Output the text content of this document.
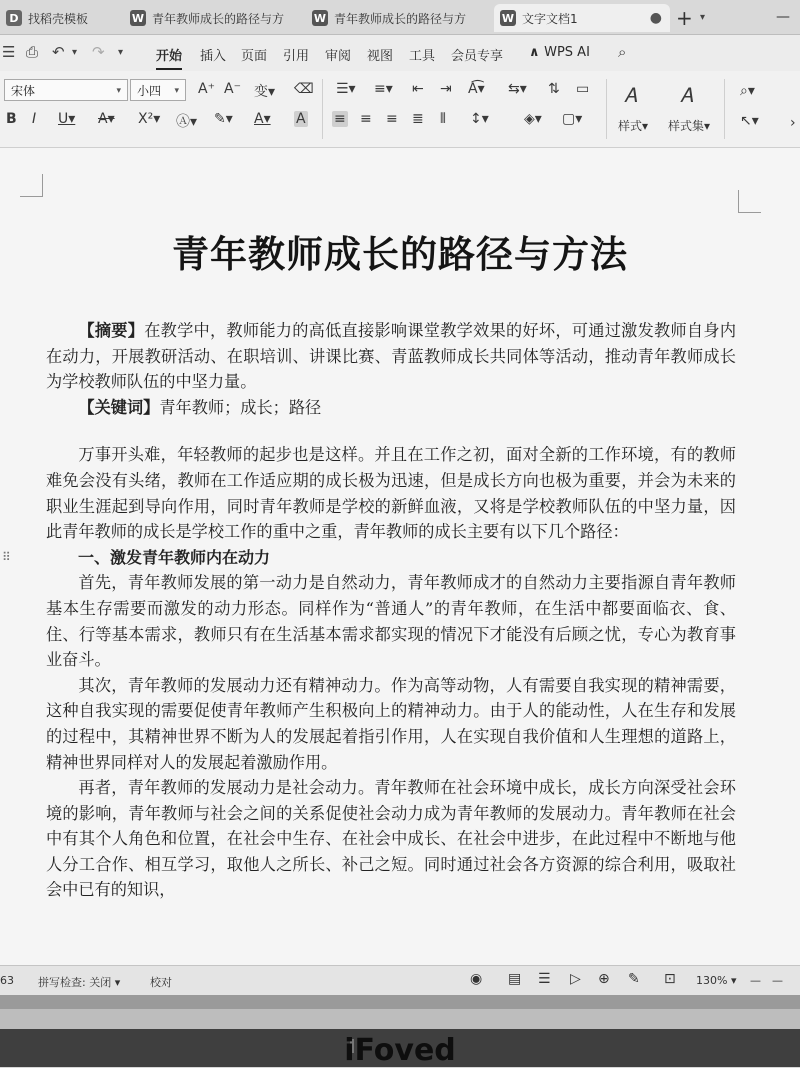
D 找稻壳模板	W 青年教师成长的路径与方	W 青年教师成长的路径与方	W 文字文档1	● + ▾	—
☰ ⎙ ↶ ▾ ↷ ▾	开始 插入 页面 引用 审阅 视图 工具 会员专享 ∧ WPS AI ⌕
宋体	▾	小四 ▾ A⁺ A⁻ 变▾ ⌫
B I U▾ A▾ X²▾ Ⓐ▾ ✎▾ A▾ A
☰▾ ≡▾ ⇤ ⇥ A͡▾ ⇆▾ ⇅ ▭
≡ ≡ ≡ ≣ ⫴ ↕▾	◈▾ ▢▾
𝐴
样式▾
𝐴
样式集▾
⌕▾
↖▾ ›
青年教师成长的路径与方法

【摘要】在教学中，教师能力的高低直接影响课堂教学效果的好坏，可通过激发教师自身内在动力，开展教研活动、在职培训、讲课比赛、青蓝教师成长共同体等活动，推动青年教师成长为学校教师队伍的中坚力量。

【关键词】青年教师；成长；路径

万事开头难，年轻教师的起步也是这样。并且在工作之初，面对全新的工作环境，有的教师难免会没有头绪，教师在工作适应期的成长极为迅速，但是成长方向也极为重要，并会为未来的职业生涯起到导向作用，同时青年教师是学校的新鲜血液，又将是学校教师队伍的中坚力量，因此青年教师的成长是学校工作的重中之重，青年教师的成长主要有以下几个路径：

一、激发青年教师内在动力

首先，青年教师发展的第一动力是自然动力，青年教师成才的自然动力主要指源自青年教师基本生存需要而激发的动力形态。同样作为“普通人”的青年教师，在生活中都要面临衣、食、住、行等基本需求，教师只有在生活基本需求都实现的情况下才能没有后顾之忧，专心为教育事业奋斗。

其次，青年教师的发展动力还有精神动力。作为高等动物，人有需要自我实现的精神需要，这种自我实现的需要促使青年教师产生积极向上的精神动力。由于人的能动性，人在生存和发展的过程中，其精神世界不断为人的发展起着指引作用，人在实现自我价值和人生理想的道路上，精神世界同样对人的发展起着激励作用。

再者，青年教师的发展动力是社会动力。青年教师在社会环境中成长，成长方向深受社会环境的影响，青年教师与社会之间的关系促使社会动力成为青年教师的发展动力。青年教师在社会中有其个人角色和位置，在社会中生存、在社会中成长、在社会中进步，在此过程中不断地与他人分工合作、相互学习，取他人之所长、补己之短。同时通过社会各方资源的综合利用，吸取社会中已有的知识，

⠿
63 拼写检查: 关闭 ▾	校对	◉ ▤ ☰ ▷ ⊕ ✎ ⊡ 130% ▾ — —
iFoved
